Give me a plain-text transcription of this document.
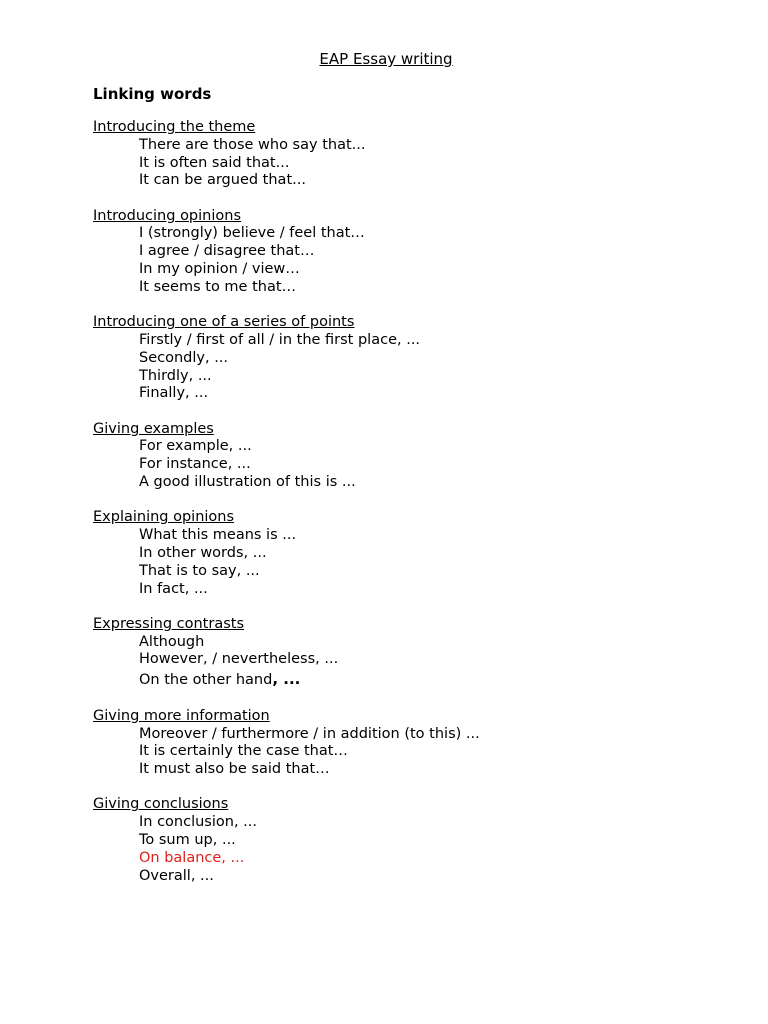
EAP Essay writing
Linking words
Introducing the theme
There are those who say that...
It is often said that...
It can be argued that...
Introducing opinions
I (strongly) believe / feel that…
I agree / disagree that…
In my opinion / view…
It seems to me that…
Introducing one of a series of points
Firstly / first of all / in the first place, ...
Secondly, ...
Thirdly, ...
Finally, ...
Giving examples
For example, ...
For instance, ...
A good illustration of this is ...
Explaining opinions
What this means is ...
In other words, ...
That is to say, ...
In fact, ...
Expressing contrasts
Although
However, / nevertheless, ...
On the other hand, ...
Giving more information
Moreover / furthermore / in addition (to this) ...
It is certainly the case that…
It must also be said that…
Giving conclusions
In conclusion, ...
To sum up, ...
On balance, ...
Overall, ...
